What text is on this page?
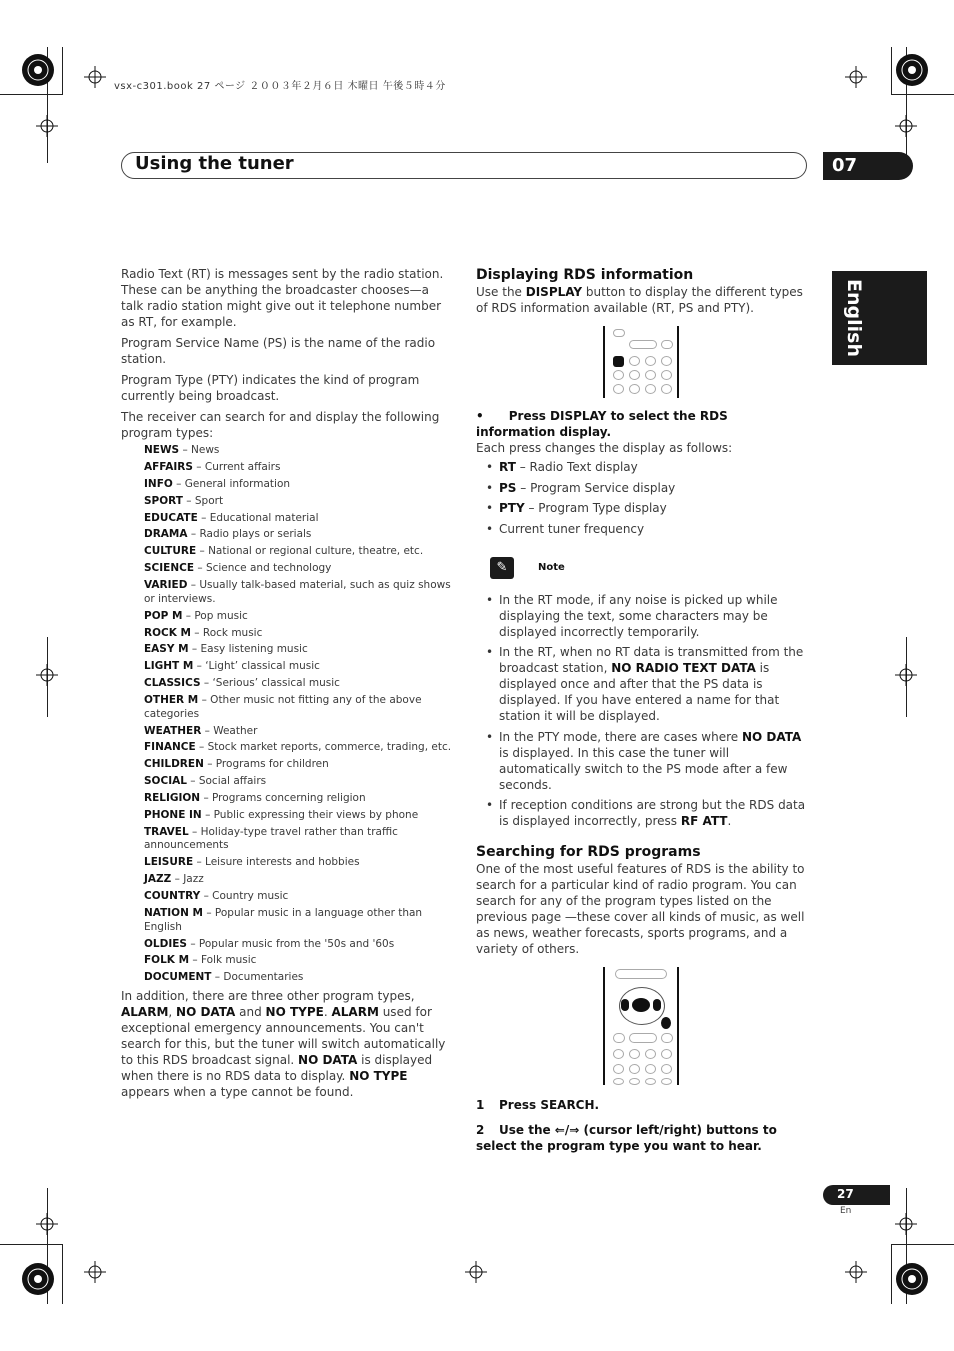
vsx-c301.book 27 ページ ２００３年２月６日 木曜日 午後５時４分
Using the tuner	07
English

Radio Text (RT) is messages sent by the radio station. These can be anything the broadcaster chooses—a talk radio station might give out it telephone number as RT, for example.

Program Service Name (PS) is the name of the radio station.

Program Type (PTY) indicates the kind of program currently being broadcast.

The receiver can search for and display the following program types:

NEWS – News
AFFAIRS – Current affairs
INFO – General information
SPORT – Sport
EDUCATE – Educational material
DRAMA – Radio plays or serials
CULTURE – National or regional culture, theatre, etc.
SCIENCE – Science and technology
VARIED – Usually talk-based material, such as quiz shows or interviews.
POP M – Pop music
ROCK M – Rock music
EASY M – Easy listening music
LIGHT M – ‘Light’ classical music
CLASSICS – ‘Serious’ classical music
OTHER M – Other music not fitting any of the above categories
WEATHER – Weather
FINANCE – Stock market reports, commerce, trading, etc.
CHILDREN – Programs for children
SOCIAL – Social affairs
RELIGION – Programs concerning religion
PHONE IN – Public expressing their views by phone
TRAVEL – Holiday-type travel rather than traffic announcements
LEISURE – Leisure interests and hobbies
JAZZ – Jazz
COUNTRY – Country music
NATION M – Popular music in a language other than English
OLDIES – Popular music from the '50s and '60s
FOLK M – Folk music
DOCUMENT – Documentaries

In addition, there are three other program types, ALARM, NO DATA and NO TYPE. ALARM used for exceptional emergency announcements. You can't search for this, but the tuner will switch automatically to this RDS broadcast signal. NO DATA is displayed when there is no RDS data to display. NO TYPE appears when a type cannot be found.

Displaying RDS information

Use the DISPLAY button to display the different types of RDS information available (RT, PS and PTY).

•      Press DISPLAY to select the RDS information display.

Each press changes the display as follows:

• RT – Radio Text display
• PS – Program Service display
• PTY – Program Type display
• Current tuner frequency
✎	Note
• In the RT mode, if any noise is picked up while displaying the text, some characters may be displayed incorrectly temporarily.
• In the RT, when no RT data is transmitted from the broadcast station, NO RADIO TEXT DATA is displayed once and after that the PS data is displayed. If you have entered a name for that station it will be displayed.
• In the PTY mode, there are cases where NO DATA is displayed. In this case the tuner will automatically switch to the PS mode after a few seconds.
• If reception conditions are strong but the RDS data is displayed incorrectly, press RF ATT.
Searching for RDS programs

One of the most useful features of RDS is the ability to search for a particular kind of radio program. You can search for any of the program types listed on the previous page —these cover all kinds of music, as well as news, weather forecasts, sports programs, and a variety of others.

1 Press SEARCH.

2 Use the ⇐/⇒ (cursor left/right) buttons to select the program type you want to hear.

27
En
